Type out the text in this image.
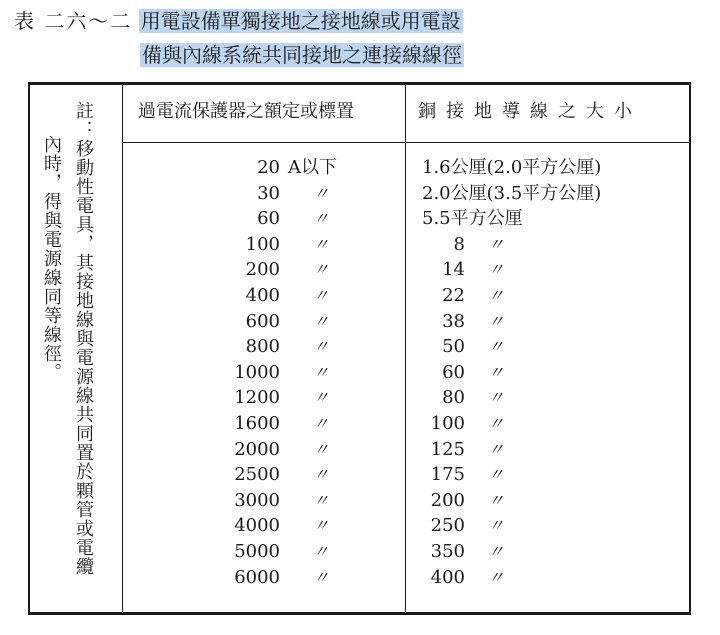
表 二六～二 用電設備單獨接地之接地線或用電設
備與內線系統共同接地之連接線線徑
註：移動性電具，其接地線與電源線共同置於顆管或電纜
內時，得與電源線同等線徑。
過電流保護器之額定或標置	銅接地導線之大小
20 A以下	1.6公厘(2.0平方公厘)
30 〃	2.0公厘(3.5平方公厘)
60 〃	5.5平方公厘
100 〃	8 〃
200 〃	14 〃
400 〃	22 〃
600 〃	38 〃
800 〃	50 〃
1000 〃	60 〃
1200 〃	80 〃
1600 〃	100 〃
2000 〃	125 〃
2500 〃	175 〃
3000 〃	200 〃
4000 〃	250 〃
5000 〃	350 〃
6000 〃	400 〃
